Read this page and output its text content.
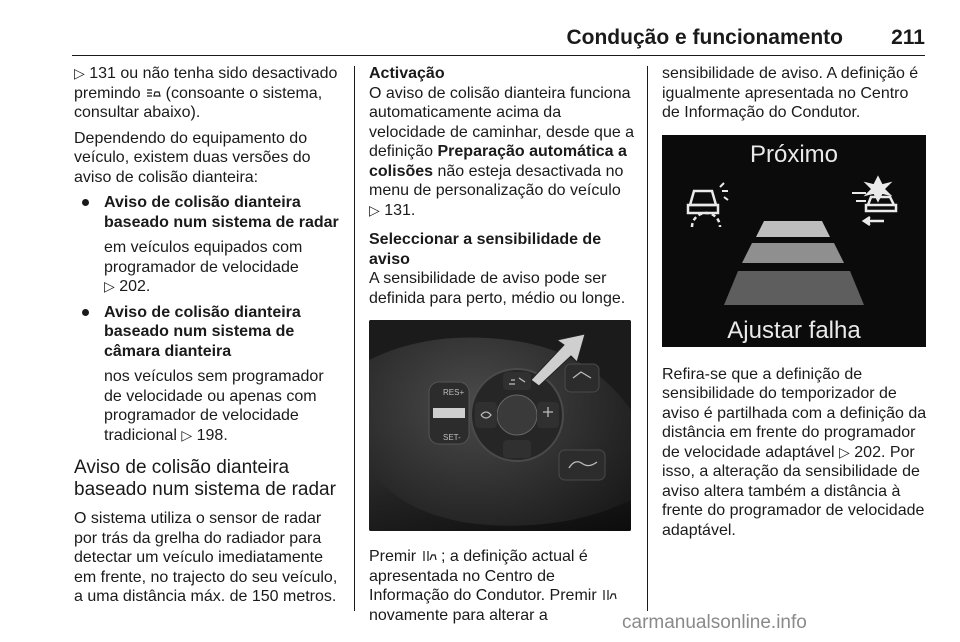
Condução e funcionamento 211

▷ 131 ou não tenha sido desactivado premindo (consoante o sistema, consultar abaixo).

Dependendo do equipamento do veículo, existem duas versões do aviso de colisão dianteira:

Aviso de colisão dianteira baseado num sistema de radar
em veículos equipados com programador de velocidade
▷ 202.
Aviso de colisão dianteira baseado num sistema de câmara dianteira
nos veículos sem programador de velocidade ou apenas com programador de velocidade tradicional ▷ 198.
Aviso de colisão dianteira baseado num sistema de radar

O sistema utiliza o sensor de radar por trás da grelha do radiador para detectar um veículo imediatamente em frente, no trajecto do seu veículo, a uma distância máx. de 150 metros.

Activação

O aviso de colisão dianteira funciona automaticamente acima da velocidade de caminhar, desde que a definição Preparação automática a colisões não esteja desactivada no menu de personalização do veículo
▷ 131.

Seleccionar a sensibilidade de aviso

A sensibilidade de aviso pode ser definida para perto, médio ou longe.

RES+
SET-

Premir ; a definição actual é apresentada no Centro de Informação do Condutor. Premir  novamente para alterar a

sensibilidade de aviso. A definição é igualmente apresentada no Centro de Informação do Condutor.

Próximo
Ajustar falha

Refira-se que a definição de sensibilidade do temporizador de aviso é partilhada com a definição da distância em frente do programador de velocidade adaptável ▷ 202. Por isso, a alteração da sensibilidade de aviso altera também a distância à frente do programador de velocidade adaptável.

carmanualsonline.info
